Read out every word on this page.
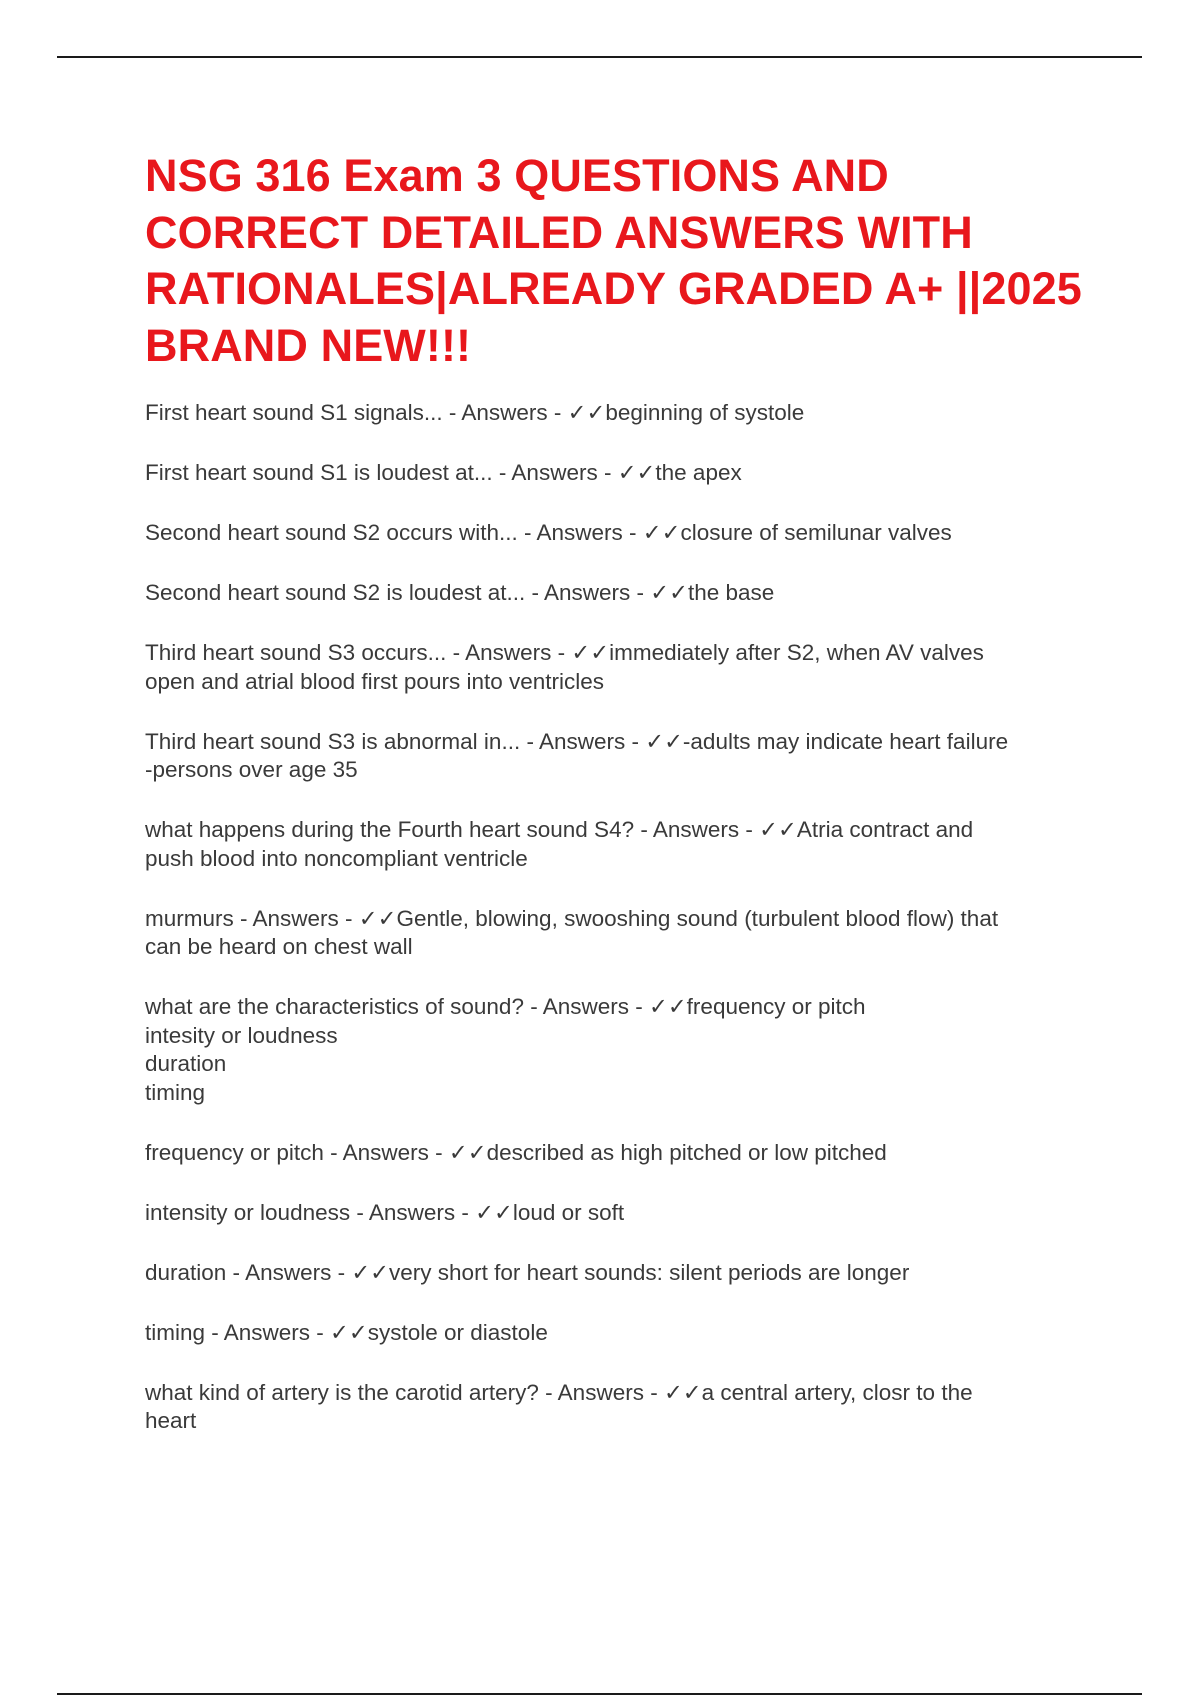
NSG 316 Exam 3 QUESTIONS AND CORRECT DETAILED ANSWERS WITH RATIONALES|ALREADY GRADED A+ ||2025 BRAND NEW!!!
First heart sound S1 signals... - Answers - ✓✓beginning of systole
First heart sound S1 is loudest at... - Answers - ✓✓the apex
Second heart sound S2 occurs with... - Answers - ✓✓closure of semilunar valves
Second heart sound S2 is loudest at... - Answers - ✓✓the base
Third heart sound S3 occurs... - Answers - ✓✓immediately after S2, when AV valves
open and atrial blood first pours into ventricles
Third heart sound S3 is abnormal in... - Answers - ✓✓-adults may indicate heart failure
-persons over age 35
what happens during the Fourth heart sound S4? - Answers - ✓✓Atria contract and
push blood into noncompliant ventricle
murmurs - Answers - ✓✓Gentle, blowing, swooshing sound (turbulent blood flow) that
can be heard on chest wall
what are the characteristics of sound? - Answers - ✓✓frequency or pitch
intesity or loudness
duration
timing
frequency or pitch - Answers - ✓✓described as high pitched or low pitched
intensity or loudness - Answers - ✓✓loud or soft
duration - Answers - ✓✓very short for heart sounds: silent periods are longer
timing - Answers - ✓✓systole or diastole
what kind of artery is the carotid artery? - Answers - ✓✓a central artery, closr to the
heart
